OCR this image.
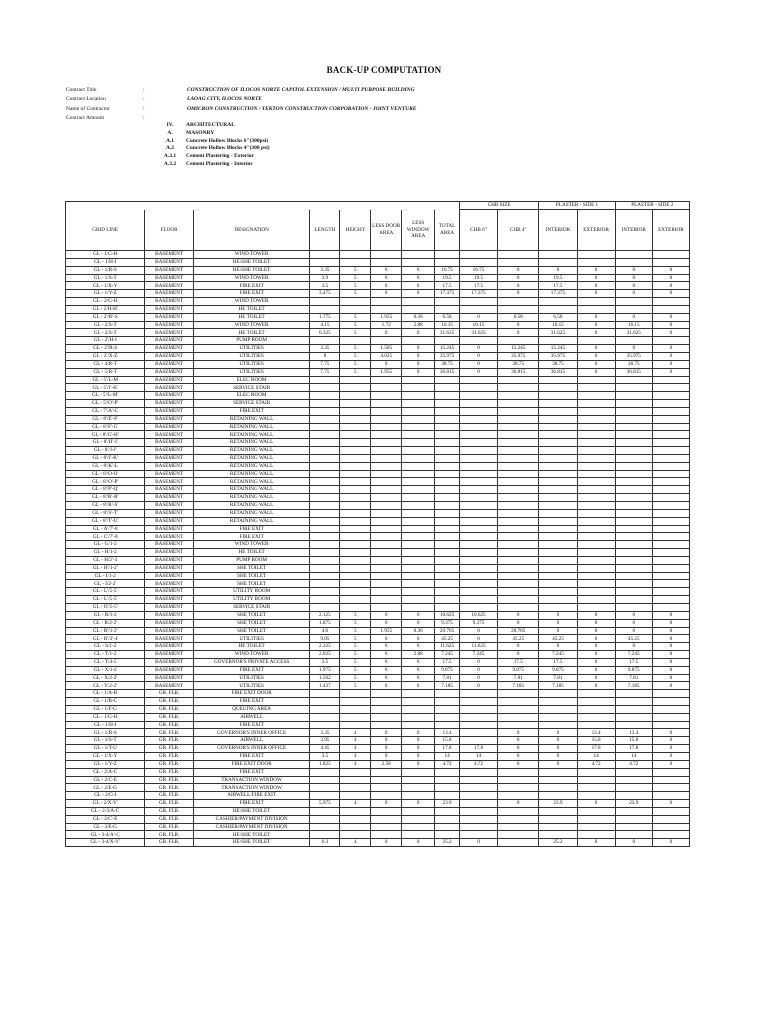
BACK-UP COMPUTATION
Contract Title	:	CONSTRUCTION OF ILOCOS NORTE CAPITOL EXTENSION / MULTI PURPOSE BUILDING
Contract Location	:	LAOAG CITY, ILOCOS NORTE
Name of Contractor	:	OMICRON CONSTRUCTION / TEKTON CONSTRUCTION CORPORATION - JOINT VENTURE
Contract Amount	:
IV.	ARCHITECTURAL
A.	MASONRY
A.1	Concrete Hollow Blocks 6"(300psi)
A.2	Concrete Hollow Blocks 4"(300 psi)
A.3.1	Cement Plastering - Exterior
A.3.2	Cement Plastering - Interior
								CHB SIZE		PLASTER - SIDE 1		PLASTER - SIDE 2	
GRID LINE	FLOOR	DESIGNATION	LENGTH	HEIGHT	LESS DOOR AREA	LESS WINDOW AREA	TOTAL AREA	CHB 6"	CHB 4"	INTERIOR	EXTERIOR	INTERIOR	EXTERIOR
GL - 1/G-H	BASEMENT	WIND TOWER											
GL - 1/H-I	BASEMENT	HE/SHE TOILET											
GL - 1/R-S	BASEMENT	HE/SHE TOILET	3.35	5	0	0	16.75	16.75	0	0	0	0	0
GL - 1/S-T	BASEMENT	WIND TOWER	3.9	5	0	0	19.5	19.5	0	19.5	0	0	0
GL - 1/X-Y	BASEMENT	FIRE EXIT	3.5	5	0	0	17.5	17.5	0	17.5	0	0	0
GL - 1/Y-Z	BASEMENT	FIRE EXIT	3.475	5	0	0	17.375	17.375	0	17.375	0	0	0
GL - 2/G-H	BASEMENT	WIND TOWER											
GL - 2/H-H'	BASEMENT	HE TOILET											
GL - 2'/R'-S	BASEMENT	HE TOILET	1.775	5	1.955	0.36	6.58	0	6.58	6.58	0	0	0
GL - 2/S-T	BASEMENT	WIND TOWER	4.15	5	1.72	2.88	16.15	16.15	0	16.15	0	16.15	0
GL - 2/S-T	BASEMENT	HE TOILET	6.325	5	0	0	31.625	31.625	0	31.625	0	31.625	0
GL - 2'/H-I	BASEMENT	PUMP ROOM											
GL - 2'/R-S	BASEMENT	UTILITIES	3.35	5	1.505	0	15.245	0	15.245	15.245	0	0	0
GL - 2'/X-Z	BASEMENT	UTILITIES	8	5	4.025	0	35.975	0	35.975	35.975	0	35.975	0
GL - 4/R-T	BASEMENT	UTILITIES	7.75	5	0	0	38.75	0	38.75	38.75	0	38.75	0
GL - 5/R-T	BASEMENT	UTILITIES	7.75	5	1.955	0	36.815	0	36.815	36.815	0	36.815	0
GL - 5'/L-M	BASEMENT	ELEC ROOM											
GL - 5'/J'-K'	BASEMENT	SERVICE STAIR											
GL - 5'/L-M'	BASEMENT	ELEC ROOM											
GL - 5'/O'-P'	BASEMENT	SERVICE STAIR											
GL - 7'/A'-C	BASEMENT	FIRE EXIT											
GL - 8'/E'-F'	BASEMENT	RETAINING WALL											
GL - 8'/F'-G'	BASEMENT	RETAINING WALL											
GL - 8'/G'-H'	BASEMENT	RETAINING WALL											
GL - 8'/H'-I'	BASEMENT	RETAINING WALL											
GL - 8'/J-J'	BASEMENT	RETAINING WALL											
GL - 8'/J'-K'	BASEMENT	RETAINING WALL											
GL - 8'/K'-L	BASEMENT	RETAINING WALL											
GL - 8'/O-O'	BASEMENT	RETAINING WALL											
GL - 8'/O'-P'	BASEMENT	RETAINING WALL											
GL - 8'/P'-Q'	BASEMENT	RETAINING WALL											
GL - 8'/R'-R'	BASEMENT	RETAINING WALL											
GL - 8'/R'-S'	BASEMENT	RETAINING WALL											
GL - 8'/S'-T'	BASEMENT	RETAINING WALL											
GL - 8'/T'-U'	BASEMENT	RETAINING WALL											
GL - A'/7'-8	BASEMENT	FIRE EXIT											
GL - C'/7'-8	BASEMENT	FIRE EXIT											
GL - G/1-2	BASEMENT	WIND TOWER											
GL - H/1-2	BASEMENT	HE TOILET											
GL - H/2'-3	BASEMENT	PUMP ROOM											
GL - H'/1-2'	BASEMENT	SHE TOILET											
GL - I/1-2	BASEMENT	SHE TOILET											
GL - I/2-2'	BASEMENT	SHE TOILET											
GL - L'/5-5'	BASEMENT	UTILITY ROOM											
GL - L'/5-5'	BASEMENT	UTILITY ROOM											
GL - O'/5-5'	BASEMENT	SERVICE STAIR											
GL - R/1-2	BASEMENT	SHE TOILET	2.125	5	0	0	10.625	10.625	0	0	0	0	0
GL - R/2-2'	BASEMENT	SHE TOILET	1.875	5	0	0	9.375	9.375	0	0	0	0	0
GL - R'/1-2'	BASEMENT	SHE TOILET	4.6	5	1.955	0.36	20.705	0	20.705	0	0	0	0
GL - R'/2'-4	BASEMENT	UTILITIES	9.05	5	0	0	45.25	0	45.25	45.25	0	45.25	0
GL - S/1-2	BASEMENT	HE TOILET	2.325	5	0	0	11.625	11.625	0	0	0	0	0
GL - T/1-2	BASEMENT	WIND TOWER	2.025	5	0	2.88	7.245	7.245	0	7.245	0	7.245	0
GL - T/4-5	BASEMENT	GOVERNOR'S PRIVATE ACCESS	3.5	5	0	0	17.5	0	17.5	17.5	0	17.5	0
GL - X/1-2	BASEMENT	FIRE EXIT	1.975	5	0	0	9.875	0	9.875	9.875	0	9.875	0
GL - X/2-2'	BASEMENT	UTILITIES	1.562	5	0	0	7.81	0	7.81	7.81	0	7.81	0
GL - Y/2-2'	BASEMENT	UTILITIES	1.437	5	0	0	7.185	0	7.185	7.185	0	7.185	0
GL - 1/A-B	GR. FLR.	FIRE EXIT DOOR											
GL - 1/B-C	GR. FLR.	FIRE EXIT											
GL - 1/F-G	GR. FLR.	QUEUING AREA											
GL - 1/G-H	GR. FLR.	AIRWELL											
GL - 1/H-I	GR. FLR.	FIRE EXIT											
GL - 1/R-S	GR. FLR.	GOVERNOR'S INNER OFFICE	3.35	4	0	0	13.4		0	0	13.4	13.4	0
GL - 1/S-T	GR. FLR.	AIRWELL	3.95	4	0	0	15.8		0	0	15.8	15.8	0
GL - 1/T-U	GR. FLR.	GOVERNOR'S INNER OFFICE	4.45	4	0	0	17.8	17.8	0	0	17.8	17.8	0
GL - 1/X-Y	GR. FLR.	FIRE EXIT	3.5	4	0	0	14	14	0	0	14	14	0
GL - 1/Y-Z	GR. FLR.	FIRE EXIT DOOR	1.825	4	2.58	0	4.72	4.72	0	0	4.72	4.72	0
GL - 2/A-C	GR. FLR.	FIRE EXIT											
GL - 2/C-E	GR. FLR.	TRANSACTION WINDOW											
GL - 2/E-G	GR. FLR.	TRANSACTION WINDOW											
GL - 2/G-I	GR. FLR.	AIRWELL/FIRE EXIT											
GL - 2/X-Y'	GR. FLR.	FIRE EXIT	5.975	4	0	0	23.9		0	23.9	0	23.9	0
GL - 2-3/A-C	GR. FLR.	HE/SHE TOILET											
GL - 3/C'-E	GR. FLR.	CASHIER/PAYMENT DIVISION											
GL - 3/E-G	GR. FLR.	CASHIER/PAYMENT DIVISION											
GL - 3-4/A'-C	GR. FLR.	HE/SHE TOILET											
GL - 3-4/X-Y'	GR. FLR.	HE/SHE TOILET	6.3	4	0	0	25.2	0		25.2	0	0	0
